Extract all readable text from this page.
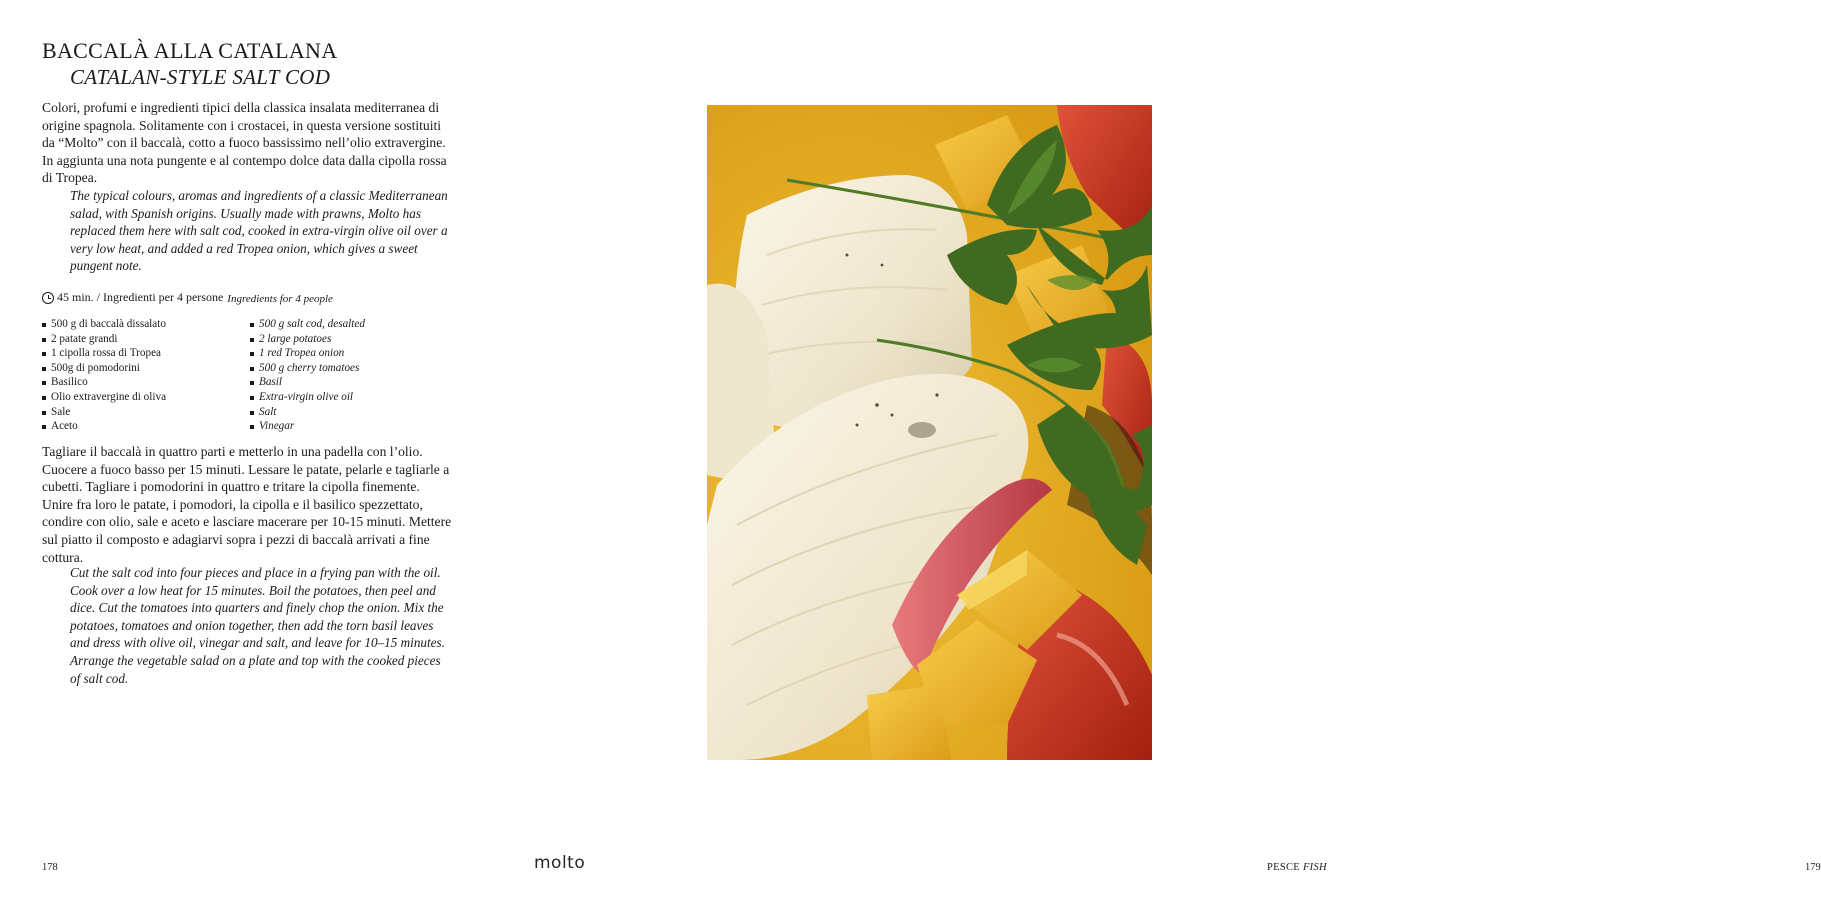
BACCALÀ ALLA CATALANA
CATALAN-STYLE SALT COD
Colori, profumi e ingredienti tipici della classica insalata mediterranea di origine spagnola. Solitamente con i crostacei, in questa versione sostituiti da “Molto” con il baccalà, cotto a fuoco bassissimo nell’olio extravergine. In aggiunta una nota pungente e al contempo dolce data dalla cipolla rossa di Tropea.
The typical colours, aromas and ingredients of a classic Mediterranean salad, with Spanish origins. Usually made with prawns, Molto has replaced them here with salt cod, cooked in extra-virgin olive oil over a very low heat, and added a red Tropea onion, which gives a sweet pungent note.
45 min. / Ingredienti per 4 persone Ingredients for 4 people
500 g di baccalà dissalato
2 patate grandi
1 cipolla rossa di Tropea
500g di pomodorini
Basilico
Olio extravergine di oliva
Sale
Aceto
500 g salt cod, desalted
2 large potatoes
1 red Tropea onion
500 g cherry tomatoes
Basil
Extra-virgin olive oil
Salt
Vinegar
Tagliare il baccalà in quattro parti e metterlo in una padella con l’olio. Cuocere a fuoco basso per 15 minuti. Lessare le patate, pelarle e tagliarle a cubetti. Tagliare i pomodorini in quattro e tritare la cipolla finemente. Unire fra loro le patate, i pomodori, la cipolla e il basilico spezzettato, condire con olio, sale e aceto e lasciare macerare per 10-15 minuti. Mettere sul piatto il composto e adagiarvi sopra i pezzi di baccalà arrivati a fine cottura.
Cut the salt cod into four pieces and place in a frying pan with the oil. Cook over a low heat for 15 minutes. Boil the potatoes, then peel and dice. Cut the tomatoes into quarters and finely chop the onion. Mix the potatoes, tomatoes and onion together, then add the torn basil leaves and dress with olive oil, vinegar and salt, and leave for 10–15 minutes. Arrange the vegetable salad on a plate and top with the cooked pieces of salt cod.
178	molto	PESCE FISH	179
